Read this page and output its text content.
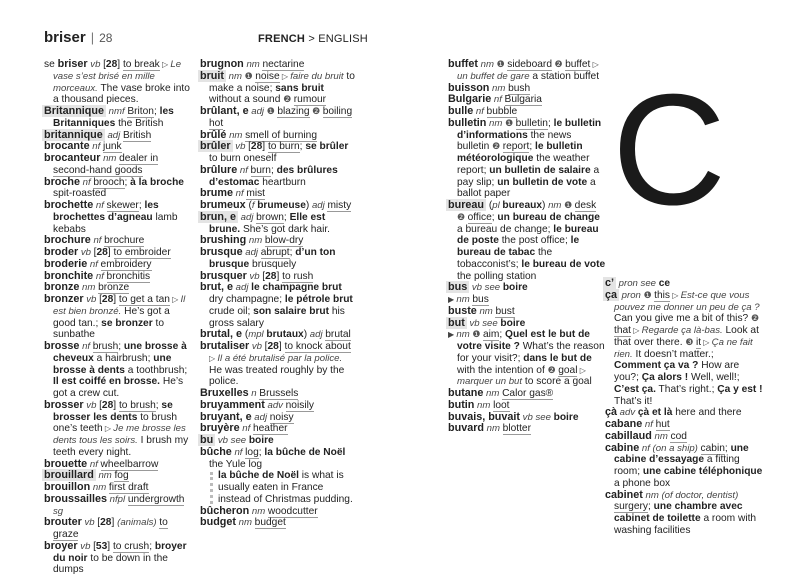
briser | 28	FRENCH > ENGLISH
C

se briser vb [28] to break ▷ Le vase s’est brisé en mille morceaux. The vase broke into a thousand pieces.

Britannique nmf Briton; les Britanniques the British

britannique adj British

brocante nf junk

brocanteur nm dealer in second-hand goods

broche nf brooch; à la broche spit-roasted

brochette nf skewer; les brochettes d’agneau lamb kebabs

brochure nf brochure

broder vb [28] to embroider

broderie nf embroidery

bronchite nf bronchitis

bronze nm bronze

bronzer vb [28] to get a tan ▷ Il est bien bronzé. He’s got a good tan.; se bronzer to sunbathe

brosse nf brush; une brosse à cheveux a hairbrush; une brosse à dents a toothbrush; Il est coiffé en brosse. He’s got a crew cut.

brosser vb [28] to brush; se brosser les dents to brush one’s teeth ▷ Je me brosse les dents tous les soirs. I brush my teeth every night.

brouette nf wheelbarrow

brouillard nm fog

brouillon nm first draft

broussailles nfpl undergrowth sg

brouter vb [28] (animals) to graze

broyer vb [53] to crush; broyer du noir to be down in the dumps

brugnon nm nectarine

bruit nm ❶ noise ▷ faire du bruit to make a noise; sans bruit without a sound ❷ rumour

brûlant, e adj ❶ blazing ❷ boiling hot

brûlé nm smell of burning

brûler vb [28] to burn; se brûler to burn oneself

brûlure nf burn; des brûlures d’estomac heartburn

brume nf mist

brumeux (f brumeuse) adj misty

brun, e adj brown; Elle est brune. She’s got dark hair.

brushing nm blow-dry

brusque adj abrupt; d’un ton brusque brusquely

brusquer vb [28] to rush

brut, e adj le champagne brut dry champagne; le pétrole brut crude oil; son salaire brut his gross salary

brutal, e (mpl brutaux) adj brutal

brutaliser vb [28] to knock about ▷ Il a été brutalisé par la police. He was treated roughly by the police.

Bruxelles n Brussels

bruyamment adv noisily

bruyant, e adj noisy

bruyère nf heather

bu vb see boire

bûche nf log; la bûche de Noël the Yule log

la bûche de Noël is what is usually eaten in France instead of Christmas pudding.

bûcheron nm woodcutter

budget nm budget

buffet nm ❶ sideboard ❷ buffet ▷ un buffet de gare a station buffet

buisson nm bush

Bulgarie nf Bulgaria

bulle nf bubble

bulletin nm ❶ bulletin; le bulletin d’informations the news bulletin ❷ report; le bulletin météorologique the weather report; un bulletin de salaire a pay slip; un bulletin de vote a ballot paper

bureau (pl bureaux) nm ❶ desk ❷ office; un bureau de change a bureau de change; le bureau de poste the post office; le bureau de tabac the tobacconist’s; le bureau de vote the polling station

bus vb see boire

▶ nm bus

buste nm bust

but vb see boire

▶ nm ❶ aim; Quel est le but de votre visite ? What’s the reason for your visit?; dans le but de with the intention of ❷ goal ▷ marquer un but to score a goal

butane nm Calor gas®

butin nm loot

buvais, buvait vb see boire

buvard nm blotter

c’ pron see ce

ça pron ❶ this ▷ Est-ce que vous pouvez me donner un peu de ça ? Can you give me a bit of this? ❷ that ▷ Regarde ça là-bas. Look at that over there. ❸ it ▷ Ça ne fait rien. It doesn’t matter.; Comment ça va ? How are you?; Ça alors ! Well, well!; C’est ça. That’s right.; Ça y est ! That’s it!

çà adv çà et là here and there

cabane nf hut

cabillaud nm cod

cabine nf (on a ship) cabin; une cabine d’essayage a fitting room; une cabine téléphonique a phone box

cabinet nm (of doctor, dentist) surgery; une chambre avec cabinet de toilette a room with washing facilities
